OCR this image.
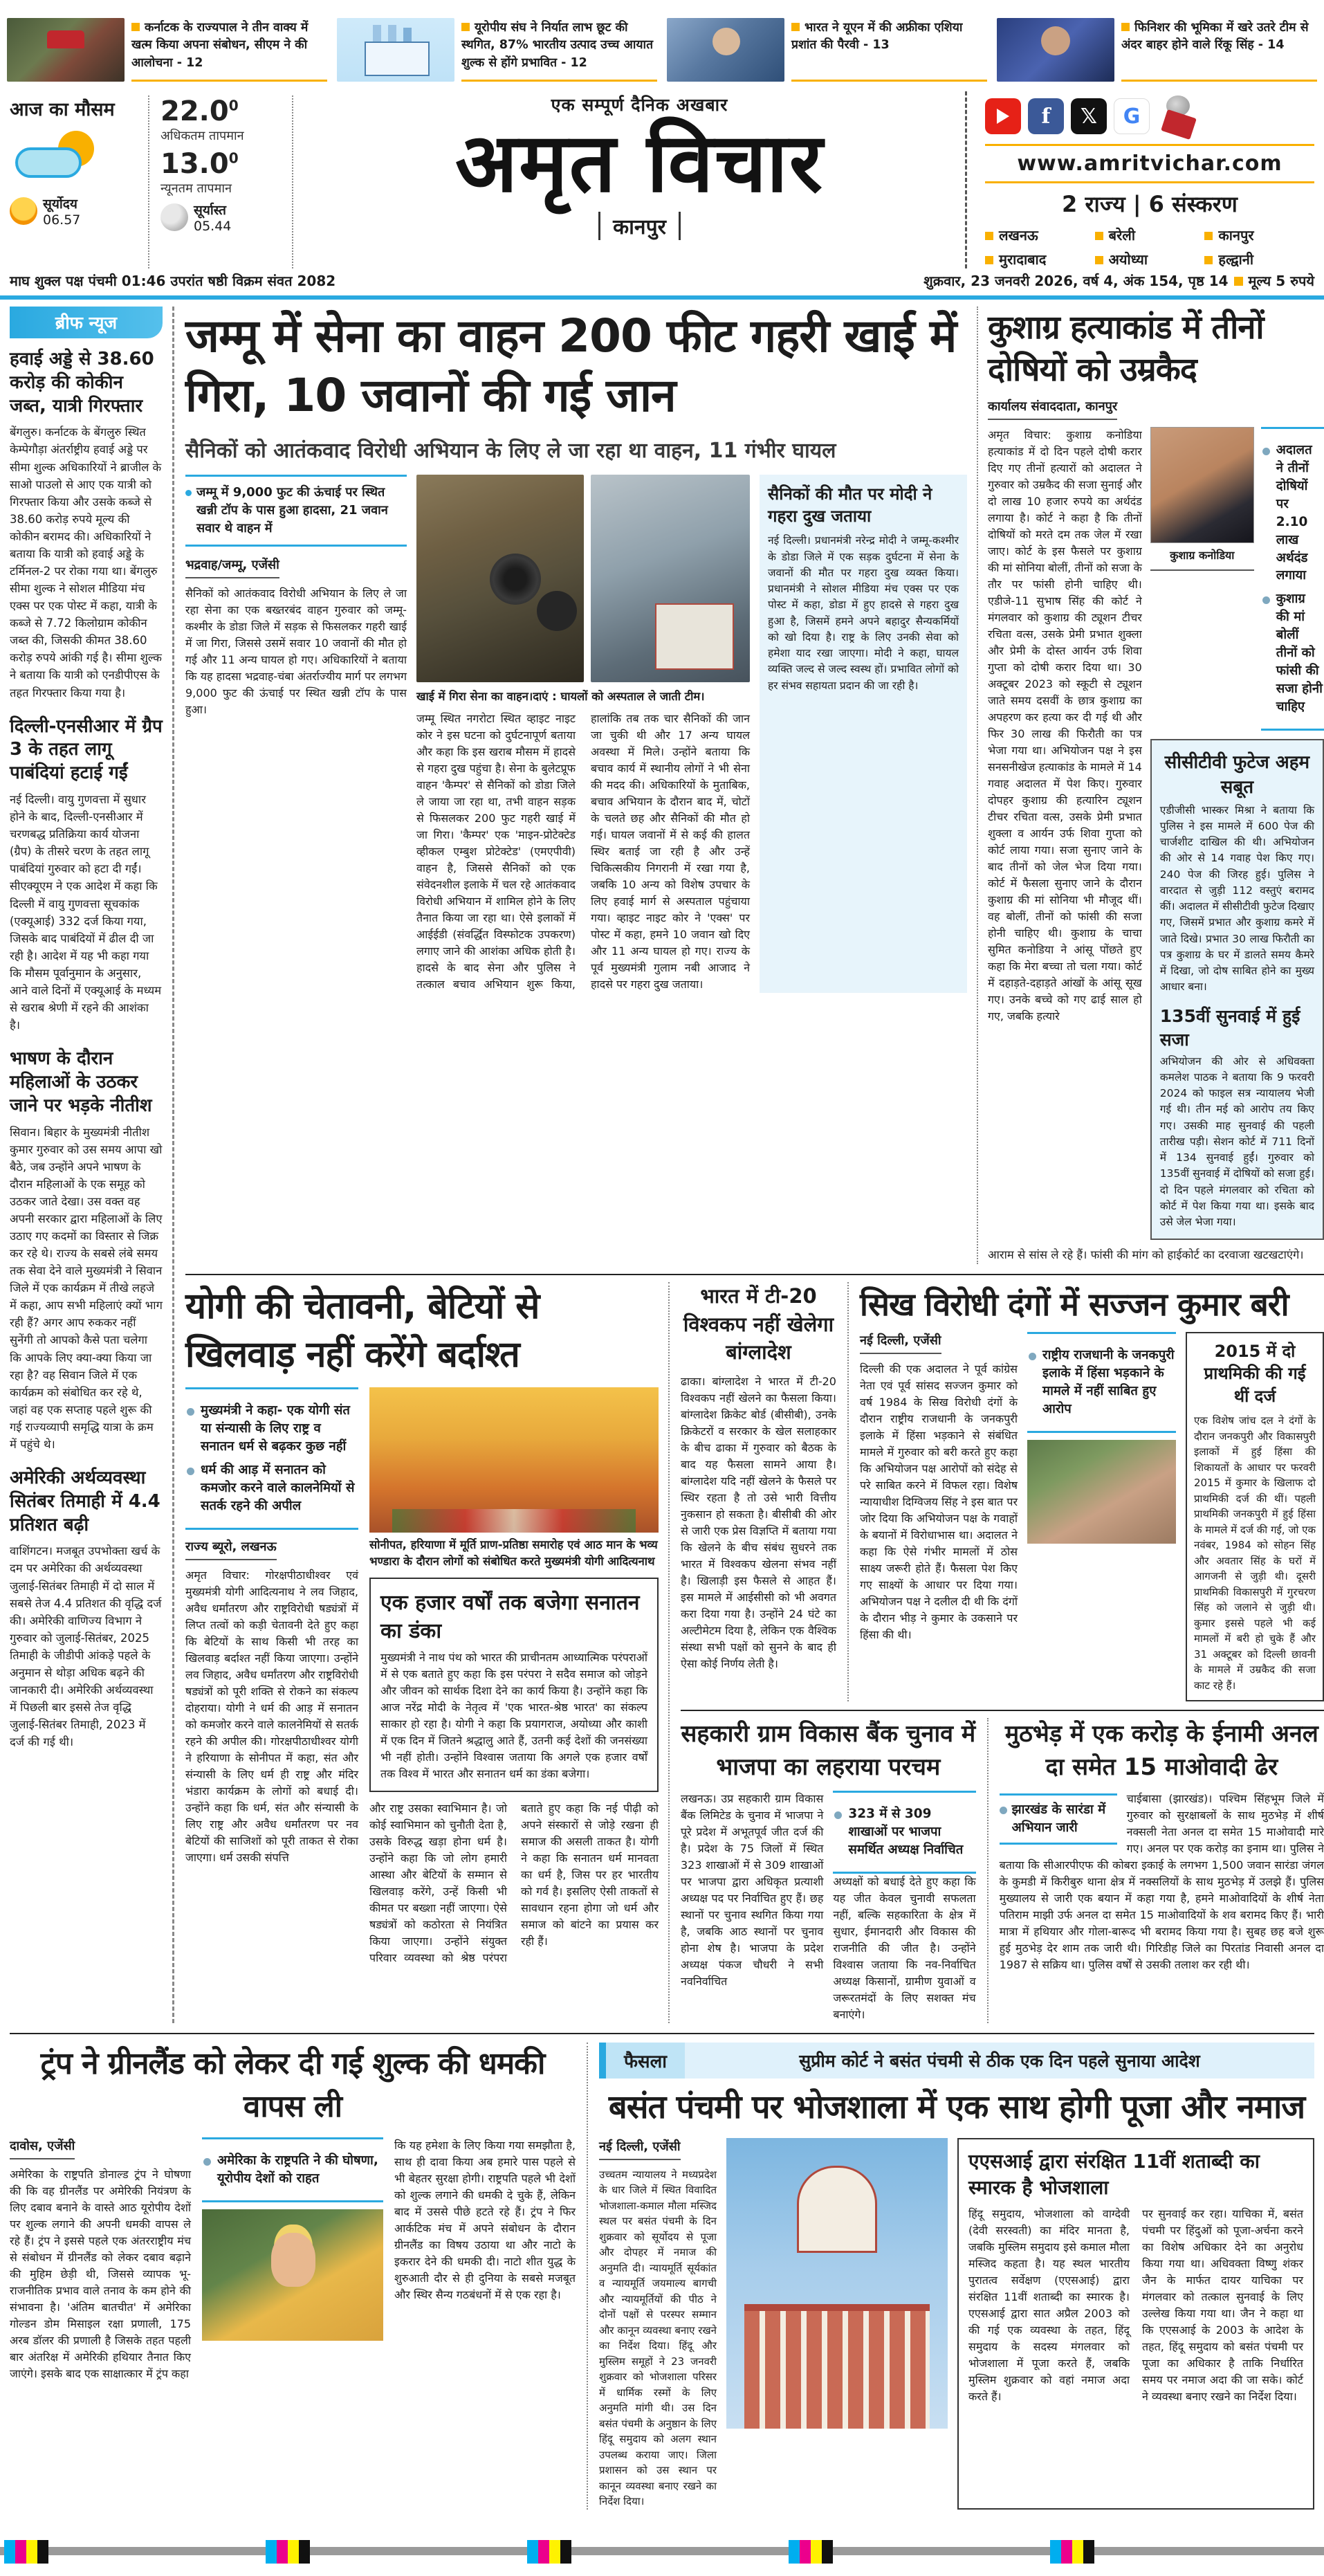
कर्नाटक के राज्यपाल ने तीन वाक्य में खत्म किया अपना संबोधन, सीएम ने की आलोचना - 12
यूरोपीय संघ ने निर्यात लाभ छूट की स्थगित, 87% भारतीय उत्पाद उच्च आयात शुल्क से होंगे प्रभावित - 12
भारत ने यूएन में की अफ्रीका एशिया प्रशांत की पैरवी - 13
फिनिशर की भूमिका में खरे उतरे टीम से अंदर बाहर होने वाले रिंकू सिंह - 14
आज का मौसम
सूर्योदय
06.57
22.0$^0$
अधिकतम तापमान
13.0$^0$
न्यूनतम तापमान
सूर्यास्त
05.44
एक सम्पूर्ण दैनिक अखबार
अमृत विचार
कानपुर
f	𝕏	G
www.amritvichar.com
2 राज्य | 6 संस्करण
लखनऊ	बरेली	कानपुर
मुरादाबाद	अयोध्या	हल्द्वानी
माघ शुक्ल पक्ष पंचमी 01:46 उपरांत षष्ठी विक्रम संवत 2082	शुक्रवार, 23 जनवरी 2026, वर्ष 4, अंक 154, पृष्ठ 14 मूल्य 5 रुपये
ब्रीफ न्यूज
हवाई अड्डे से 38.60 करोड़ की कोकीन जब्त, यात्री गिरफ्तार
बेंगलुरु। कर्नाटक के बेंगलुरु स्थित केम्पेगौड़ा अंतर्राष्ट्रीय हवाई अड्डे पर सीमा शुल्क अधिकारियों ने ब्राजील के साओ पाउलो से आए एक यात्री को गिरफ्तार किया और उसके कब्जे से 38.60 करोड़ रुपये मूल्य की कोकीन बरामद की। अधिकारियों ने बताया कि यात्री को हवाई अड्डे के टर्मिनल-2 पर रोका गया था। बेंगलुरु सीमा शुल्क ने सोशल मीडिया मंच एक्स पर एक पोस्ट में कहा, यात्री के कब्जे से 7.72 किलोग्राम कोकीन जब्त की, जिसकी कीमत 38.60 करोड़ रुपये आंकी गई है। सीमा शुल्क ने बताया कि यात्री को एनडीपीएस के तहत गिरफ्तार किया गया है।
दिल्ली-एनसीआर में ग्रैप 3 के तहत लागू पाबंदियां हटाई गईं
नई दिल्ली। वायु गुणवत्ता में सुधार होने के बाद, दिल्ली-एनसीआर में चरणबद्ध प्रतिक्रिया कार्य योजना (ग्रैप) के तीसरे चरण के तहत लागू पाबंदियां गुरुवार को हटा दी गईं। सीएक्यूएम ने एक आदेश में कहा कि दिल्ली में वायु गुणवत्ता सूचकांक (एक्यूआई) 332 दर्ज किया गया, जिसके बाद पाबंदियों में ढील दी जा रही है। आदेश में यह भी कहा गया कि मौसम पूर्वानुमान के अनुसार, आने वाले दिनों में एक्यूआई के मध्यम से खराब श्रेणी में रहने की आशंका है।
भाषण के दौरान महिलाओं के उठकर जाने पर भड़के नीतीश
सिवान। बिहार के मुख्यमंत्री नीतीश कुमार गुरुवार को उस समय आपा खो बैठे, जब उन्होंने अपने भाषण के दौरान महिलाओं के एक समूह को उठकर जाते देखा। उस वक्त वह अपनी सरकार द्वारा महिलाओं के लिए उठाए गए कदमों का विस्तार से जिक्र कर रहे थे। राज्य के सबसे लंबे समय तक सेवा देने वाले मुख्यमंत्री ने सिवान जिले में एक कार्यक्रम में तीखे लहजे में कहा, आप सभी महिलाएं क्यों भाग रही हैं? अगर आप रुककर नहीं सुनेंगी तो आपको कैसे पता चलेगा कि आपके लिए क्या-क्या किया जा रहा है? वह सिवान जिले में एक कार्यक्रम को संबोधित कर रहे थे, जहां वह एक सप्ताह पहले शुरू की गई राज्यव्यापी समृद्धि यात्रा के क्रम में पहुंचे थे।
अमेरिकी अर्थव्यवस्था सितंबर तिमाही में 4.4 प्रतिशत बढ़ी
वाशिंगटन। मजबूत उपभोक्ता खर्च के दम पर अमेरिका की अर्थव्यवस्था जुलाई-सितंबर तिमाही में दो साल में सबसे तेज 4.4 प्रतिशत की वृद्धि दर्ज की। अमेरिकी वाणिज्य विभाग ने गुरुवार को जुलाई-सितंबर, 2025 तिमाही के जीडीपी आंकड़े पहले के अनुमान से थोड़ा अधिक बढ़ने की जानकारी दी। अमेरिकी अर्थव्यवस्था में पिछली बार इससे तेज वृद्धि जुलाई-सितंबर तिमाही, 2023 में दर्ज की गई थी।
जम्मू में सेना का वाहन 200 फीट गहरी खाई में गिरा, 10 जवानों की गई जान
सैनिकों को आतंकवाद विरोधी अभियान के लिए ले जा रहा था वाहन, 11 गंभीर घायल

जम्मू में 9,000 फुट की ऊंचाई पर स्थित खन्नी टॉप के पास हुआ हादसा, 21 जवान सवार थे वाहन में

भद्रवाह/जम्मू, एजेंसी

सैनिकों को आतंकवाद विरोधी अभियान के लिए ले जा रहा सेना का एक बख्तरबंद वाहन गुरुवार को जम्मू-कश्मीर के डोडा जिले में सड़क से फिसलकर गहरी खाई में जा गिरा, जिससे उसमें सवार 10 जवानों की मौत हो गई और 11 अन्य घायल हो गए। अधिकारियों ने बताया कि यह हादसा भद्रवाह-चंबा अंतर्राज्यीय मार्ग पर लगभग 9,000 फुट की ऊंचाई पर स्थित खन्नी टॉप के पास हुआ।

खाई में गिरा सेना का वाहन।दाएं : घायलों को अस्पताल ले जाती टीम।
जम्मू स्थित नगरोटा स्थित व्हाइट नाइट कोर ने इस घटना को दुर्घटनापूर्ण बताया और कहा कि इस खराब मौसम में हादसे से गहरा दुख पहुंचा है। सेना के बुलेटप्रूफ वाहन 'कैम्पर' से सैनिकों को डोडा जिले ले जाया जा रहा था, तभी वाहन सड़क से फिसलकर 200 फुट गहरी खाई में जा गिरा। 'कैम्पर' एक 'माइन-प्रोटेक्टेड व्हीकल एम्बुश प्रोटेक्टेड' (एमएपीवी) वाहन है, जिससे सैनिकों को एक संवेदनशील इलाके में चल रहे आतंकवाद विरोधी अभियान में शामिल होने के लिए तैनात किया जा रहा था। ऐसे इलाकों में आईईडी (संवर्द्धित विस्फोटक उपकरण) लगाए जाने की आशंका अधिक होती है। हादसे के बाद सेना और पुलिस ने तत्काल बचाव अभियान शुरू किया, हालांकि तब तक चार सैनिकों की जान जा चुकी थी और 17 अन्य घायल अवस्था में मिले। उन्होंने बताया कि बचाव कार्य में स्थानीय लोगों ने भी सेना की मदद की। अधिकारियों के मुताबिक, बचाव अभियान के दौरान बाद में, चोटों के चलते छह और सैनिकों की मौत हो गई। घायल जवानों में से कई की हालत स्थिर बताई जा रही है और उन्हें चिकित्सकीय निगरानी में रखा गया है, जबकि 10 अन्य को विशेष उपचार के लिए हवाई मार्ग से अस्पताल पहुंचाया गया। व्हाइट नाइट कोर ने 'एक्स' पर पोस्ट में कहा, हमने 10 जवान खो दिए और 11 अन्य घायल हो गए। राज्य के पूर्व मुख्यमंत्री गुलाम नबी आजाद ने हादसे पर गहरा दुख जताया।
सैनिकों की मौत पर मोदी ने गहरा दुख जताया
नई दिल्ली। प्रधानमंत्री नरेन्द्र मोदी ने जम्मू-कश्मीर के डोडा जिले में एक सड़क दुर्घटना में सेना के जवानों की मौत पर गहरा दुख व्यक्त किया। प्रधानमंत्री ने सोशल मीडिया मंच एक्स पर एक पोस्ट में कहा, डोडा में हुए हादसे से गहरा दुख हुआ है, जिसमें हमने अपने बहादुर सैन्यकर्मियों को खो दिया है। राष्ट्र के लिए उनकी सेवा को हमेशा याद रखा जाएगा। मोदी ने कहा, घायल व्यक्ति जल्द से जल्द स्वस्थ हों। प्रभावित लोगों को हर संभव सहायता प्रदान की जा रही है।
कुशाग्र हत्याकांड में तीनों दोषियों को उम्रकैद
कार्यालय संवाददाता, कानपुर

अमृत विचार: कुशाग्र कनोडिया हत्याकांड में दो दिन पहले दोषी करार दिए गए तीनों हत्यारों को अदालत ने गुरुवार को उम्रकैद की सजा सुनाई और दो लाख 10 हजार रुपये का अर्थदंड लगाया है। कोर्ट ने कहा है कि तीनों दोषियों को मरते दम तक जेल में रखा जाए। कोर्ट के इस फैसले पर कुशाग्र की मां सोनिया बोलीं, तीनों को सजा के तौर पर फांसी होनी चाहिए थी। एडीजे-11 सुभाष सिंह की कोर्ट ने मंगलवार को कुशाग्र की ट्यूशन टीचर रचिता वत्स, उसके प्रेमी प्रभात शुक्ला और प्रेमी के दोस्त आर्यन उर्फ शिवा गुप्ता को दोषी करार दिया था। 30 अक्टूबर 2023 को स्कूटी से ट्यूशन जाते समय दसवीं के छात्र कुशाग्र का अपहरण कर हत्या कर दी गई थी और फिर 30 लाख की फिरौती का पत्र भेजा गया था। अभियोजन पक्ष ने इस सनसनीखेज हत्याकांड के मामले में 14 गवाह अदालत में पेश किए। गुरुवार दोपहर कुशाग्र की हत्यारिन ट्यूशन टीचर रचिता वत्स, उसके प्रेमी प्रभात शुक्ला व आर्यन उर्फ शिवा गुप्ता को कोर्ट लाया गया। सजा सुनाए जाने के बाद तीनों को जेल भेज दिया गया। कोर्ट में फैसला सुनाए जाने के दौरान कुशाग्र की मां सोनिया भी मौजूद थीं। वह बोलीं, तीनों को फांसी की सजा होनी चाहिए थी। कुशाग्र के चाचा सुमित कनोडिया ने आंसू पोंछते हुए कहा कि मेरा बच्चा तो चला गया। कोर्ट में दहाड़ते-दहाड़ते आंखों के आंसू सूख गए। उनके बच्चे को गए ढाई साल हो गए, जबकि हत्यारे

कुशाग्र कनोडिया
अदालत ने तीनों दोषियों पर 2.10 लाख अर्थदंड लगाया
कुशाग्र की मां बोलीं तीनों को फांसी की सजा होनी चाहिए
सीसीटीवी फुटेज अहम सबूत
एडीजीसी भास्कर मिश्रा ने बताया कि पुलिस ने इस मामले में 600 पेज की चार्जशीट दाखिल की थी। अभियोजन की ओर से 14 गवाह पेश किए गए। 240 पेज की जिरह हुई। पुलिस ने वारदात से जुड़ी 112 वस्तुएं बरामद कीं। अदालत में सीसीटीवी फुटेज दिखाए गए, जिसमें प्रभात और कुशाग्र कमरे में जाते दिखे। प्रभात 30 लाख फिरौती का पत्र कुशाग्र के घर में डालते समय कैमरे में दिखा, जो दोष साबित होने का मुख्य आधार बना।
135वीं सुनवाई में हुई सजा
अभियोजन की ओर से अधिवक्ता कमलेश पाठक ने बताया कि 9 फरवरी 2024 को फाइल सत्र न्यायालय भेजी गई थी। तीन मई को आरोप तय किए गए। उसकी माह सुनवाई की पहली तारीख पड़ी। सेशन कोर्ट में 711 दिनों में 134 सुनवाई हुईं। गुरुवार को 135वीं सुनवाई में दोषियों को सजा हुई। दो दिन पहले मंगलवार को रचिता को कोर्ट में पेश किया गया था। इसके बाद उसे जेल भेजा गया।

आराम से सांस ले रहे हैं। फांसी की मांग को हाईकोर्ट का दरवाजा खटखटाएंगे।

योगी की चेतावनी, बेटियों से खिलवाड़ नहीं करेंगे बर्दाश्त
मुख्यमंत्री ने कहा- एक योगी संत या संन्यासी के लिए राष्ट्र व सनातन धर्म से बढ़कर कुछ नहीं
धर्म की आड़ में सनातन को कमजोर करने वाले कालनेमियों से सतर्क रहने की अपील
राज्य ब्यूरो, लखनऊ

अमृत विचार: गोरक्षपीठाधीश्वर एवं मुख्यमंत्री योगी आदित्यनाथ ने लव जिहाद, अवैध धर्मांतरण और राष्ट्रविरोधी षड्यंत्रों में लिप्त तत्वों को कड़ी चेतावनी देते हुए कहा कि बेटियों के साथ किसी भी तरह का खिलवाड़ बर्दाश्त नहीं किया जाएगा। उन्होंने लव जिहाद, अवैध धर्मांतरण और राष्ट्रविरोधी षड्यंत्रों को पूरी शक्ति से रोकने का संकल्प दोहराया। योगी ने धर्म की आड़ में सनातन को कमजोर करने वाले कालनेमियों से सतर्क रहने की अपील की। गोरक्षपीठाधीश्वर योगी ने हरियाणा के सोनीपत में कहा, संत और संन्यासी के लिए धर्म ही राष्ट्र और मंदिर भंडारा कार्यक्रम के लोगों को बधाई दी। उन्होंने कहा कि धर्म, संत और संन्यासी के लिए राष्ट्र और अवैध धर्मांतरण पर नव बेटियों की साजिशों को पूरी ताकत से रोका जाएगा। धर्म उसकी संपत्ति

सोनीपत, हरियाणा में मूर्ति प्राण-प्रतिष्ठा समारोह एवं आठ मान के भव्य भण्डारा के दौरान लोगों को संबोधित करते मुख्यमंत्री योगी आदित्यनाथ
एक हजार वर्षों तक बजेगा सनातन का डंका
मुख्यमंत्री ने नाथ पंथ को भारत की प्राचीनतम आध्यात्मिक परंपराओं में से एक बताते हुए कहा कि इस परंपरा ने सदैव समाज को जोड़ने और जीवन को सार्थक दिशा देने का कार्य किया है। उन्होंने कहा कि आज नरेंद्र मोदी के नेतृत्व में 'एक भारत-श्रेष्ठ भारत' का संकल्प साकार हो रहा है। योगी ने कहा कि प्रयागराज, अयोध्या और काशी में एक दिन में जितने श्रद्धालु आते हैं, उतनी कई देशों की जनसंख्या भी नहीं होती। उन्होंने विश्वास जताया कि अगले एक हजार वर्षों तक विश्व में भारत और सनातन धर्म का डंका बजेगा।
और राष्ट्र उसका स्वाभिमान है। जो कोई स्वाभिमान को चुनौती देता है, उसके विरुद्ध खड़ा होना धर्म है। उन्होंने कहा कि जो लोग हमारी आस्था और बेटियों के सम्मान से खिलवाड़ करेंगे, उन्हें किसी भी कीमत पर बख्शा नहीं जाएगा। ऐसे षड्यंत्रों को कठोरता से नियंत्रित किया जाएगा। उन्होंने संयुक्त परिवार व्यवस्था को श्रेष्ठ परंपरा बताते हुए कहा कि नई पीढ़ी को अपने संस्कारों से जोड़े रखना ही समाज की असली ताकत है। योगी ने कहा कि सनातन धर्म मानवता का धर्म है, जिस पर हर भारतीय को गर्व है। इसलिए ऐसी ताकतों से सावधान रहना होगा जो धर्म और समाज को बांटने का प्रयास कर रही हैं।
भारत में टी-20 विश्वकप नहीं खेलेगा बांग्लादेश

ढाका। बांग्लादेश ने भारत में टी-20 विश्वकप नहीं खेलने का फैसला किया। बांग्लादेश क्रिकेट बोर्ड (बीसीबी), उनके क्रिकेटरों व सरकार के खेल सलाहकार के बीच ढाका में गुरुवार को बैठक के बाद यह फैसला सामने आया है। बांग्लादेश यदि नहीं खेलने के फैसले पर स्थिर रहता है तो उसे भारी वित्तीय नुकसान हो सकता है। बीसीबी की ओर से जारी एक प्रेस विज्ञप्ति में बताया गया कि खेलने के बीच संबंध सुधरने तक भारत में विश्वकप खेलना संभव नहीं है। खिलाड़ी इस फैसले से आहत हैं। इस मामले में आईसीसी को भी अवगत करा दिया गया है। उन्होंने 24 घंटे का अल्टीमेटम दिया है, लेकिन एक वैश्विक संस्था सभी पक्षों को सुनने के बाद ही ऐसा कोई निर्णय लेती है।

सिख विरोधी दंगों में सज्जन कुमार बरी
नई दिल्ली, एजेंसी

दिल्ली की एक अदालत ने पूर्व कांग्रेस नेता एवं पूर्व सांसद सज्जन कुमार को वर्ष 1984 के सिख विरोधी दंगों के दौरान राष्ट्रीय राजधानी के जनकपुरी इलाके में हिंसा भड़काने से संबंधित मामले में गुरुवार को बरी करते हुए कहा कि अभियोजन पक्ष आरोपों को संदेह से परे साबित करने में विफल रहा। विशेष न्यायाधीश दिग्विजय सिंह ने इस बात पर जोर दिया कि अभियोजन पक्ष के गवाहों के बयानों में विरोधाभास था। अदालत ने कहा कि ऐसे गंभीर मामलों में ठोस साक्ष्य जरूरी होते हैं। फैसला पेश किए गए साक्ष्यों के आधार पर दिया गया। अभियोजन पक्ष ने दलील दी थी कि दंगों के दौरान भीड़ ने कुमार के उकसाने पर हिंसा की थी।

राष्ट्रीय राजधानी के जनकपुरी इलाके में हिंसा भड़काने के मामले में नहीं साबित हुए आरोप
2015 में दो प्राथमिकी की गई थीं दर्ज

एक विशेष जांच दल ने दंगों के दौरान जनकपुरी और विकासपुरी इलाकों में हुई हिंसा की शिकायतों के आधार पर फरवरी 2015 में कुमार के खिलाफ दो प्राथमिकी दर्ज की थीं। पहली प्राथमिकी जनकपुरी में हुई हिंसा के मामले में दर्ज की गई, जो एक नवंबर, 1984 को सोहन सिंह और अवतार सिंह के घरों में आगजनी से जुड़ी थी। दूसरी प्राथमिकी विकासपुरी में गुरचरण सिंह को जलाने से जुड़ी थी। कुमार इससे पहले भी कई मामलों में बरी हो चुके हैं और 31 अक्टूबर को दिल्ली छावनी के मामले में उम्रकैद की सजा काट रहे हैं।

सहकारी ग्राम विकास बैंक चुनाव में भाजपा का लहराया परचम

लखनऊ। उप्र सहकारी ग्राम विकास बैंक लिमिटेड के चुनाव में भाजपा ने पूरे प्रदेश में अभूतपूर्व जीत दर्ज की है। प्रदेश के 75 जिलों में स्थित 323 शाखाओं में से 309 शाखाओं पर भाजपा द्वारा अधिकृत प्रत्याशी अध्यक्ष पद पर निर्वाचित हुए हैं। छह स्थानों पर चुनाव स्थगित किया गया है, जबकि आठ स्थानों पर चुनाव होना शेष है। भाजपा के प्रदेश अध्यक्ष पंकज चौधरी ने सभी नवनिर्वाचित

323 में से 309 शाखाओं पर भाजपा समर्थित अध्यक्ष निर्वाचित

अध्यक्षों को बधाई देते हुए कहा कि यह जीत केवल चुनावी सफलता नहीं, बल्कि सहकारिता के क्षेत्र में सुधार, ईमानदारी और विकास की राजनीति की जीत है। उन्होंने विश्वास जताया कि नव-निर्वाचित अध्यक्ष किसानों, ग्रामीण युवाओं व जरूरतमंदों के लिए सशक्त मंच बनाएंगे।

मुठभेड़ में एक करोड़ के ईनामी अनल दा समेत 15 माओवादी ढेर

झारखंड के सारंडा में अभियान जारी

चाईबासा (झारखंड)। पश्चिम सिंहभूम जिले में गुरुवार को सुरक्षाबलों के साथ मुठभेड़ में शीर्ष नक्सली नेता अनल दा समेत 15 माओवादी मारे गए। अनल पर एक करोड़ का इनाम था। पुलिस ने बताया कि सीआरपीएफ की कोबरा इकाई के लगभग 1,500 जवान सारंडा जंगल के कुमडी में किरीबुरु थाना क्षेत्र में नक्सलियों के साथ मुठभेड़ में उलझे हैं। पुलिस मुख्यालय से जारी एक बयान में कहा गया है, हमने माओवादियों के शीर्ष नेता पतिराम माझी उर्फ अनल दा समेत 15 माओवादियों के शव बरामद किए हैं। भारी मात्रा में हथियार और गोला-बारूद भी बरामद किया गया है। सुबह छह बजे शुरू हुई मुठभेड़ देर शाम तक जारी थी। गिरिडीह जिले का पिरतांड निवासी अनल दा 1987 से सक्रिय था। पुलिस वर्षों से उसकी तलाश कर रही थी।

ट्रंप ने ग्रीनलैंड को लेकर दी गई शुल्क की धमकी वापस ली
दावोस, एजेंसी

अमेरिका के राष्ट्रपति डोनाल्ड ट्रंप ने घोषणा की कि वह ग्रीनलैंड पर अमेरिकी नियंत्रण के लिए दबाव बनाने के वास्ते आठ यूरोपीय देशों पर शुल्क लगाने की अपनी धमकी वापस ले रहे हैं। ट्रंप ने इससे पहले एक अंतरराष्ट्रीय मंच से संबोधन में ग्रीनलैंड को लेकर दबाव बढ़ाने की मुहिम छेड़ी थी, जिससे व्यापक भू-राजनीतिक प्रभाव वाले तनाव के कम होने की संभावना है। 'अंतिम बातचीत' में अमेरिका गोल्डन डोम मिसाइल रक्षा प्रणाली, 175 अरब डॉलर की प्रणाली है जिसके तहत पहली बार अंतरिक्ष में अमेरिकी हथियार तैनात किए जाएंगे। इसके बाद एक साक्षात्कार में ट्रंप कहा

अमेरिका के राष्ट्रपति ने की घोषणा, यूरोपीय देशों को राहत

कि यह हमेशा के लिए किया गया समझौता है, साथ ही दावा किया अब हमारे पास पहले से भी बेहतर सुरक्षा होगी। राष्ट्रपति पहले भी देशों को शुल्क लगाने की धमकी दे चुके हैं, लेकिन बाद में उससे पीछे हटते रहे हैं। ट्रंप ने फिर आर्कटिक मंच में अपने संबोधन के दौरान ग्रीनलैंड का विषय उठाया था और नाटो के इकरार देने की धमकी दी। नाटो शीत युद्ध के शुरुआती दौर से ही दुनिया के सबसे मजबूत और स्थिर सैन्य गठबंधनों में से एक रहा है।

फैसला	सुप्रीम कोर्ट ने बसंत पंचमी से ठीक एक दिन पहले सुनाया आदेश
बसंत पंचमी पर भोजशाला में एक साथ होगी पूजा और नमाज
नई दिल्ली, एजेंसी

उच्चतम न्यायालय ने मध्यप्रदेश के धार जिले में स्थित विवादित भोजशाला-कमाल मौला मस्जिद स्थल पर बसंत पंचमी के दिन शुक्रवार को सूर्योदय से पूजा और दोपहर में नमाज की अनुमति दी। न्यायमूर्ति सूर्यकांत व न्यायमूर्ति जयमाल्य बागची और न्यायमूर्तियों की पीठ ने दोनों पक्षों से परस्पर सम्मान और कानून व्यवस्था बनाए रखने का निर्देश दिया। हिंदू और मुस्लिम समूहों ने 23 जनवरी शुक्रवार को भोजशाला परिसर में धार्मिक रस्मों के लिए अनुमति मांगी थी। उस दिन बसंत पंचमी के अनुष्ठान के लिए हिंदू समुदाय को अलग स्थान उपलब्ध कराया जाए। जिला प्रशासन को उस स्थान पर कानून व्यवस्था बनाए रखने का निर्देश दिया।

एएसआई द्वारा संरक्षित 11वीं शताब्दी का स्मारक है भोजशाला

हिंदू समुदाय, भोजशाला को वाग्देवी (देवी सरस्वती) का मंदिर मानता है, जबकि मुस्लिम समुदाय इसे कमाल मौला मस्जिद कहता है। यह स्थल भारतीय पुरातत्व सर्वेक्षण (एएसआई) द्वारा संरक्षित 11वीं शताब्दी का स्मारक है। एएसआई द्वारा सात अप्रैल 2003 को की गई एक व्यवस्था के तहत, हिंदू समुदाय के सदस्य मंगलवार को भोजशाला में पूजा करते हैं, जबकि मुस्लिम शुक्रवार को वहां नमाज अदा करते हैं।

पर सुनवाई कर रहा। याचिका में, बसंत पंचमी पर हिंदुओं को पूजा-अर्चना करने का विशेष अधिकार देने का अनुरोध किया गया था। अधिवक्ता विष्णु शंकर जैन के मार्फत दायर याचिका पर मंगलवार को तत्काल सुनवाई के लिए उल्लेख किया गया था। जैन ने कहा था कि एएसआई के 2003 के आदेश के तहत, हिंदू समुदाय को बसंत पंचमी पर पूजा का अधिकार है ताकि निर्धारित समय पर नमाज अदा की जा सके। कोर्ट ने व्यवस्था बनाए रखने का निर्देश दिया।
